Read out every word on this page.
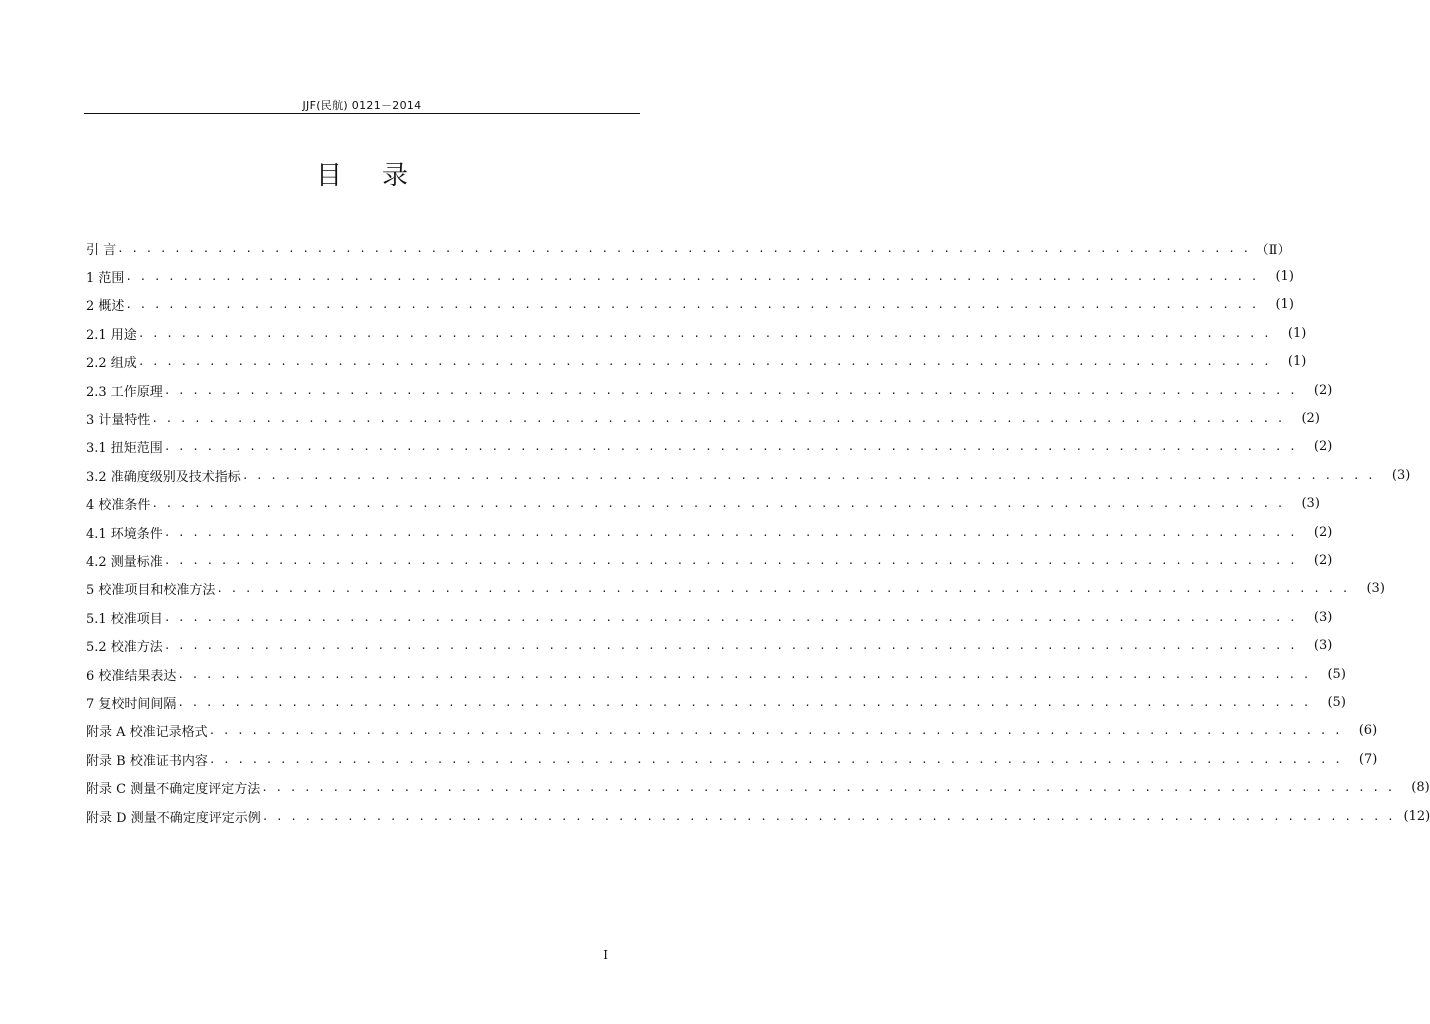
JJF(民航) 0121－2014
目录
引 言 . . . . . . . . . . . . . . . . . . . . . . . . . . . . . . . . . . . . . . . . . . . . . . . . . . . . . . . . . . . . . . . . . . . . . . . . . . . . . . . . （Ⅱ）
1 范围 . . . . . . . . . . . . . . . . . . . . . . . . . . . . . . . . . . . . . . . . . . . . . . . . . . . . . . . . . . . . . . . . . . . . . . . . . . . . . . . .	(1)
2 概述 . . . . . . . . . . . . . . . . . . . . . . . . . . . . . . . . . . . . . . . . . . . . . . . . . . . . . . . . . . . . . . . . . . . . . . . . . . . . . . . .	(1)
2.1 用途 . . . . . . . . . . . . . . . . . . . . . . . . . . . . . . . . . . . . . . . . . . . . . . . . . . . . . . . . . . . . . . . . . . . . . . . . . . . . . . . .	(1)
2.2 组成 . . . . . . . . . . . . . . . . . . . . . . . . . . . . . . . . . . . . . . . . . . . . . . . . . . . . . . . . . . . . . . . . . . . . . . . . . . . . . . . .	(1)
2.3 工作原理 . . . . . . . . . . . . . . . . . . . . . . . . . . . . . . . . . . . . . . . . . . . . . . . . . . . . . . . . . . . . . . . . . . . . . . . . . . . . . . . .	(2)
3 计量特性 . . . . . . . . . . . . . . . . . . . . . . . . . . . . . . . . . . . . . . . . . . . . . . . . . . . . . . . . . . . . . . . . . . . . . . . . . . . . . . . .	(2)
3.1 扭矩范围 . . . . . . . . . . . . . . . . . . . . . . . . . . . . . . . . . . . . . . . . . . . . . . . . . . . . . . . . . . . . . . . . . . . . . . . . . . . . . . . .	(2)
3.2 准确度级别及技术指标 . . . . . . . . . . . . . . . . . . . . . . . . . . . . . . . . . . . . . . . . . . . . . . . . . . . . . . . . . . . . . . . . . . . . . . . . . . . . . . . .	(3)
4 校准条件 . . . . . . . . . . . . . . . . . . . . . . . . . . . . . . . . . . . . . . . . . . . . . . . . . . . . . . . . . . . . . . . . . . . . . . . . . . . . . . . .	(3)
4.1 环境条件 . . . . . . . . . . . . . . . . . . . . . . . . . . . . . . . . . . . . . . . . . . . . . . . . . . . . . . . . . . . . . . . . . . . . . . . . . . . . . . . .	(2)
4.2 测量标准 . . . . . . . . . . . . . . . . . . . . . . . . . . . . . . . . . . . . . . . . . . . . . . . . . . . . . . . . . . . . . . . . . . . . . . . . . . . . . . . .	(2)
5 校准项目和校准方法 . . . . . . . . . . . . . . . . . . . . . . . . . . . . . . . . . . . . . . . . . . . . . . . . . . . . . . . . . . . . . . . . . . . . . . . . . . . . . . . .	(3)
5.1 校准项目 . . . . . . . . . . . . . . . . . . . . . . . . . . . . . . . . . . . . . . . . . . . . . . . . . . . . . . . . . . . . . . . . . . . . . . . . . . . . . . . .	(3)
5.2 校准方法 . . . . . . . . . . . . . . . . . . . . . . . . . . . . . . . . . . . . . . . . . . . . . . . . . . . . . . . . . . . . . . . . . . . . . . . . . . . . . . . .	(3)
6 校准结果表达 . . . . . . . . . . . . . . . . . . . . . . . . . . . . . . . . . . . . . . . . . . . . . . . . . . . . . . . . . . . . . . . . . . . . . . . . . . . . . . . .	(5)
7 复校时间间隔 . . . . . . . . . . . . . . . . . . . . . . . . . . . . . . . . . . . . . . . . . . . . . . . . . . . . . . . . . . . . . . . . . . . . . . . . . . . . . . . .	(5)
附录 A 校准记录格式 . . . . . . . . . . . . . . . . . . . . . . . . . . . . . . . . . . . . . . . . . . . . . . . . . . . . . . . . . . . . . . . . . . . . . . . . . . . . . . . .	(6)
附录 B 校准证书内容 . . . . . . . . . . . . . . . . . . . . . . . . . . . . . . . . . . . . . . . . . . . . . . . . . . . . . . . . . . . . . . . . . . . . . . . . . . . . . . . .	(7)
附录 C 测量不确定度评定方法 . . . . . . . . . . . . . . . . . . . . . . . . . . . . . . . . . . . . . . . . . . . . . . . . . . . . . . . . . . . . . . . . . . . . . . . . . . . . . . . .	(8)
附录 D 测量不确定度评定示例 . . . . . . . . . . . . . . . . . . . . . . . . . . . . . . . . . . . . . . . . . . . . . . . . . . . . . . . . . . . . . . . . . . . . . . . . . . . . . . . . (12)
I
